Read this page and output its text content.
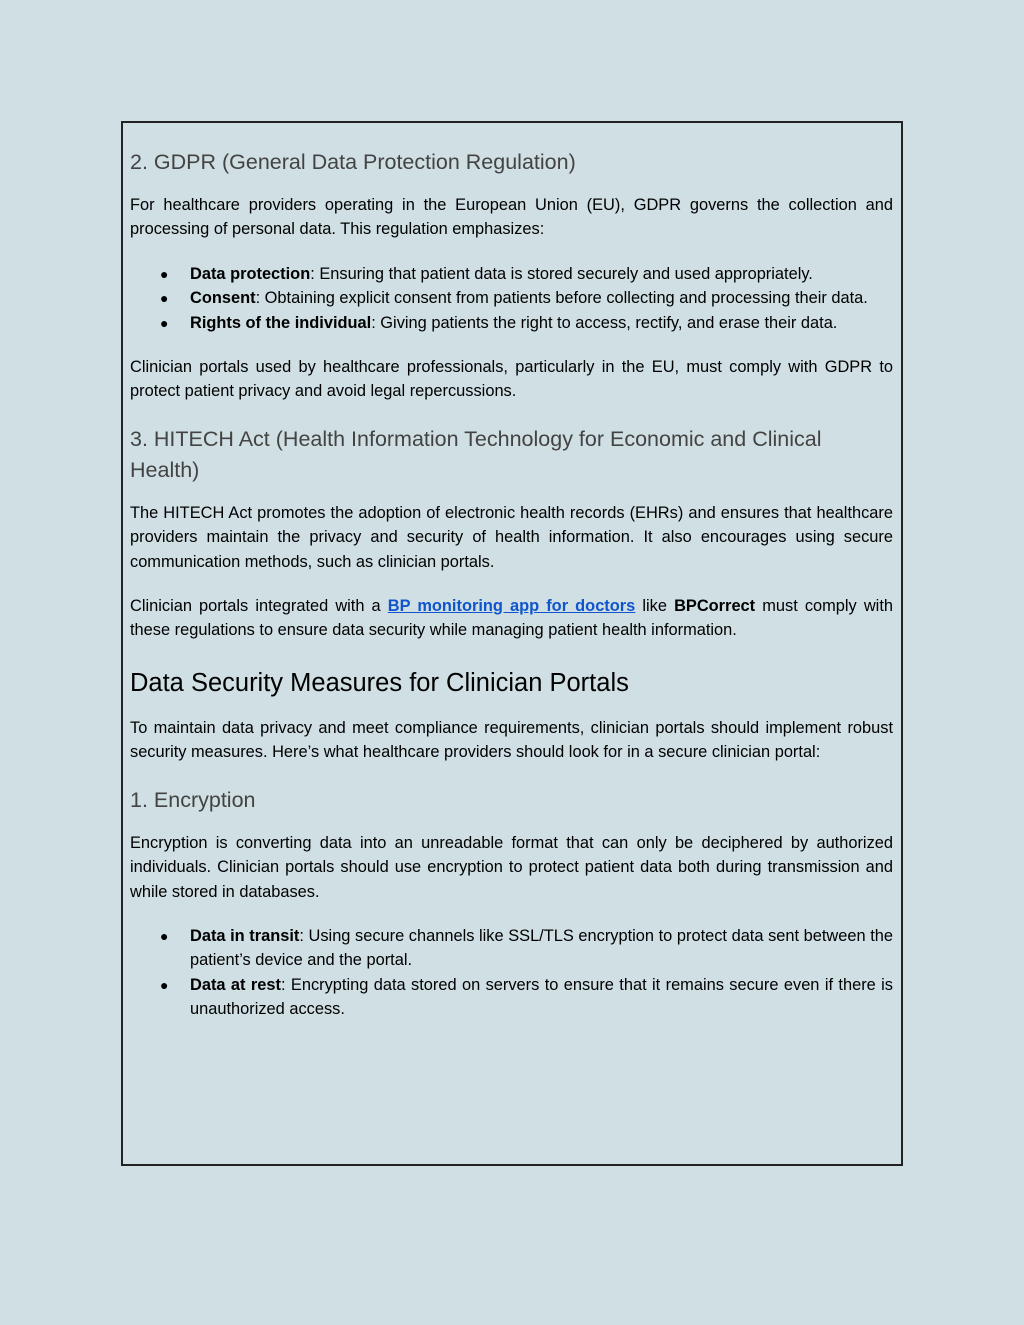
2. GDPR (General Data Protection Regulation)

For healthcare providers operating in the European Union (EU), GDPR governs the collection and processing of personal data. This regulation emphasizes:

● Data protection: Ensuring that patient data is stored securely and used appropriately.
● Consent: Obtaining explicit consent from patients before collecting and processing their data.
● Rights of the individual: Giving patients the right to access, rectify, and erase their data.

Clinician portals used by healthcare professionals, particularly in the EU, must comply with GDPR to protect patient privacy and avoid legal repercussions.

3. HITECH Act (Health Information Technology for Economic and Clinical Health)

The HITECH Act promotes the adoption of electronic health records (EHRs) and ensures that healthcare providers maintain the privacy and security of health information. It also encourages using secure communication methods, such as clinician portals.

Clinician portals integrated with a BP monitoring app for doctors like BPCorrect must comply with these regulations to ensure data security while managing patient health information.

Data Security Measures for Clinician Portals

To maintain data privacy and meet compliance requirements, clinician portals should implement robust security measures. Here’s what healthcare providers should look for in a secure clinician portal:

1. Encryption

Encryption is converting data into an unreadable format that can only be deciphered by authorized individuals. Clinician portals should use encryption to protect patient data both during transmission and while stored in databases.

● Data in transit: Using secure channels like SSL/TLS encryption to protect data sent between the patient’s device and the portal.
● Data at rest: Encrypting data stored on servers to ensure that it remains secure even if there is unauthorized access.
